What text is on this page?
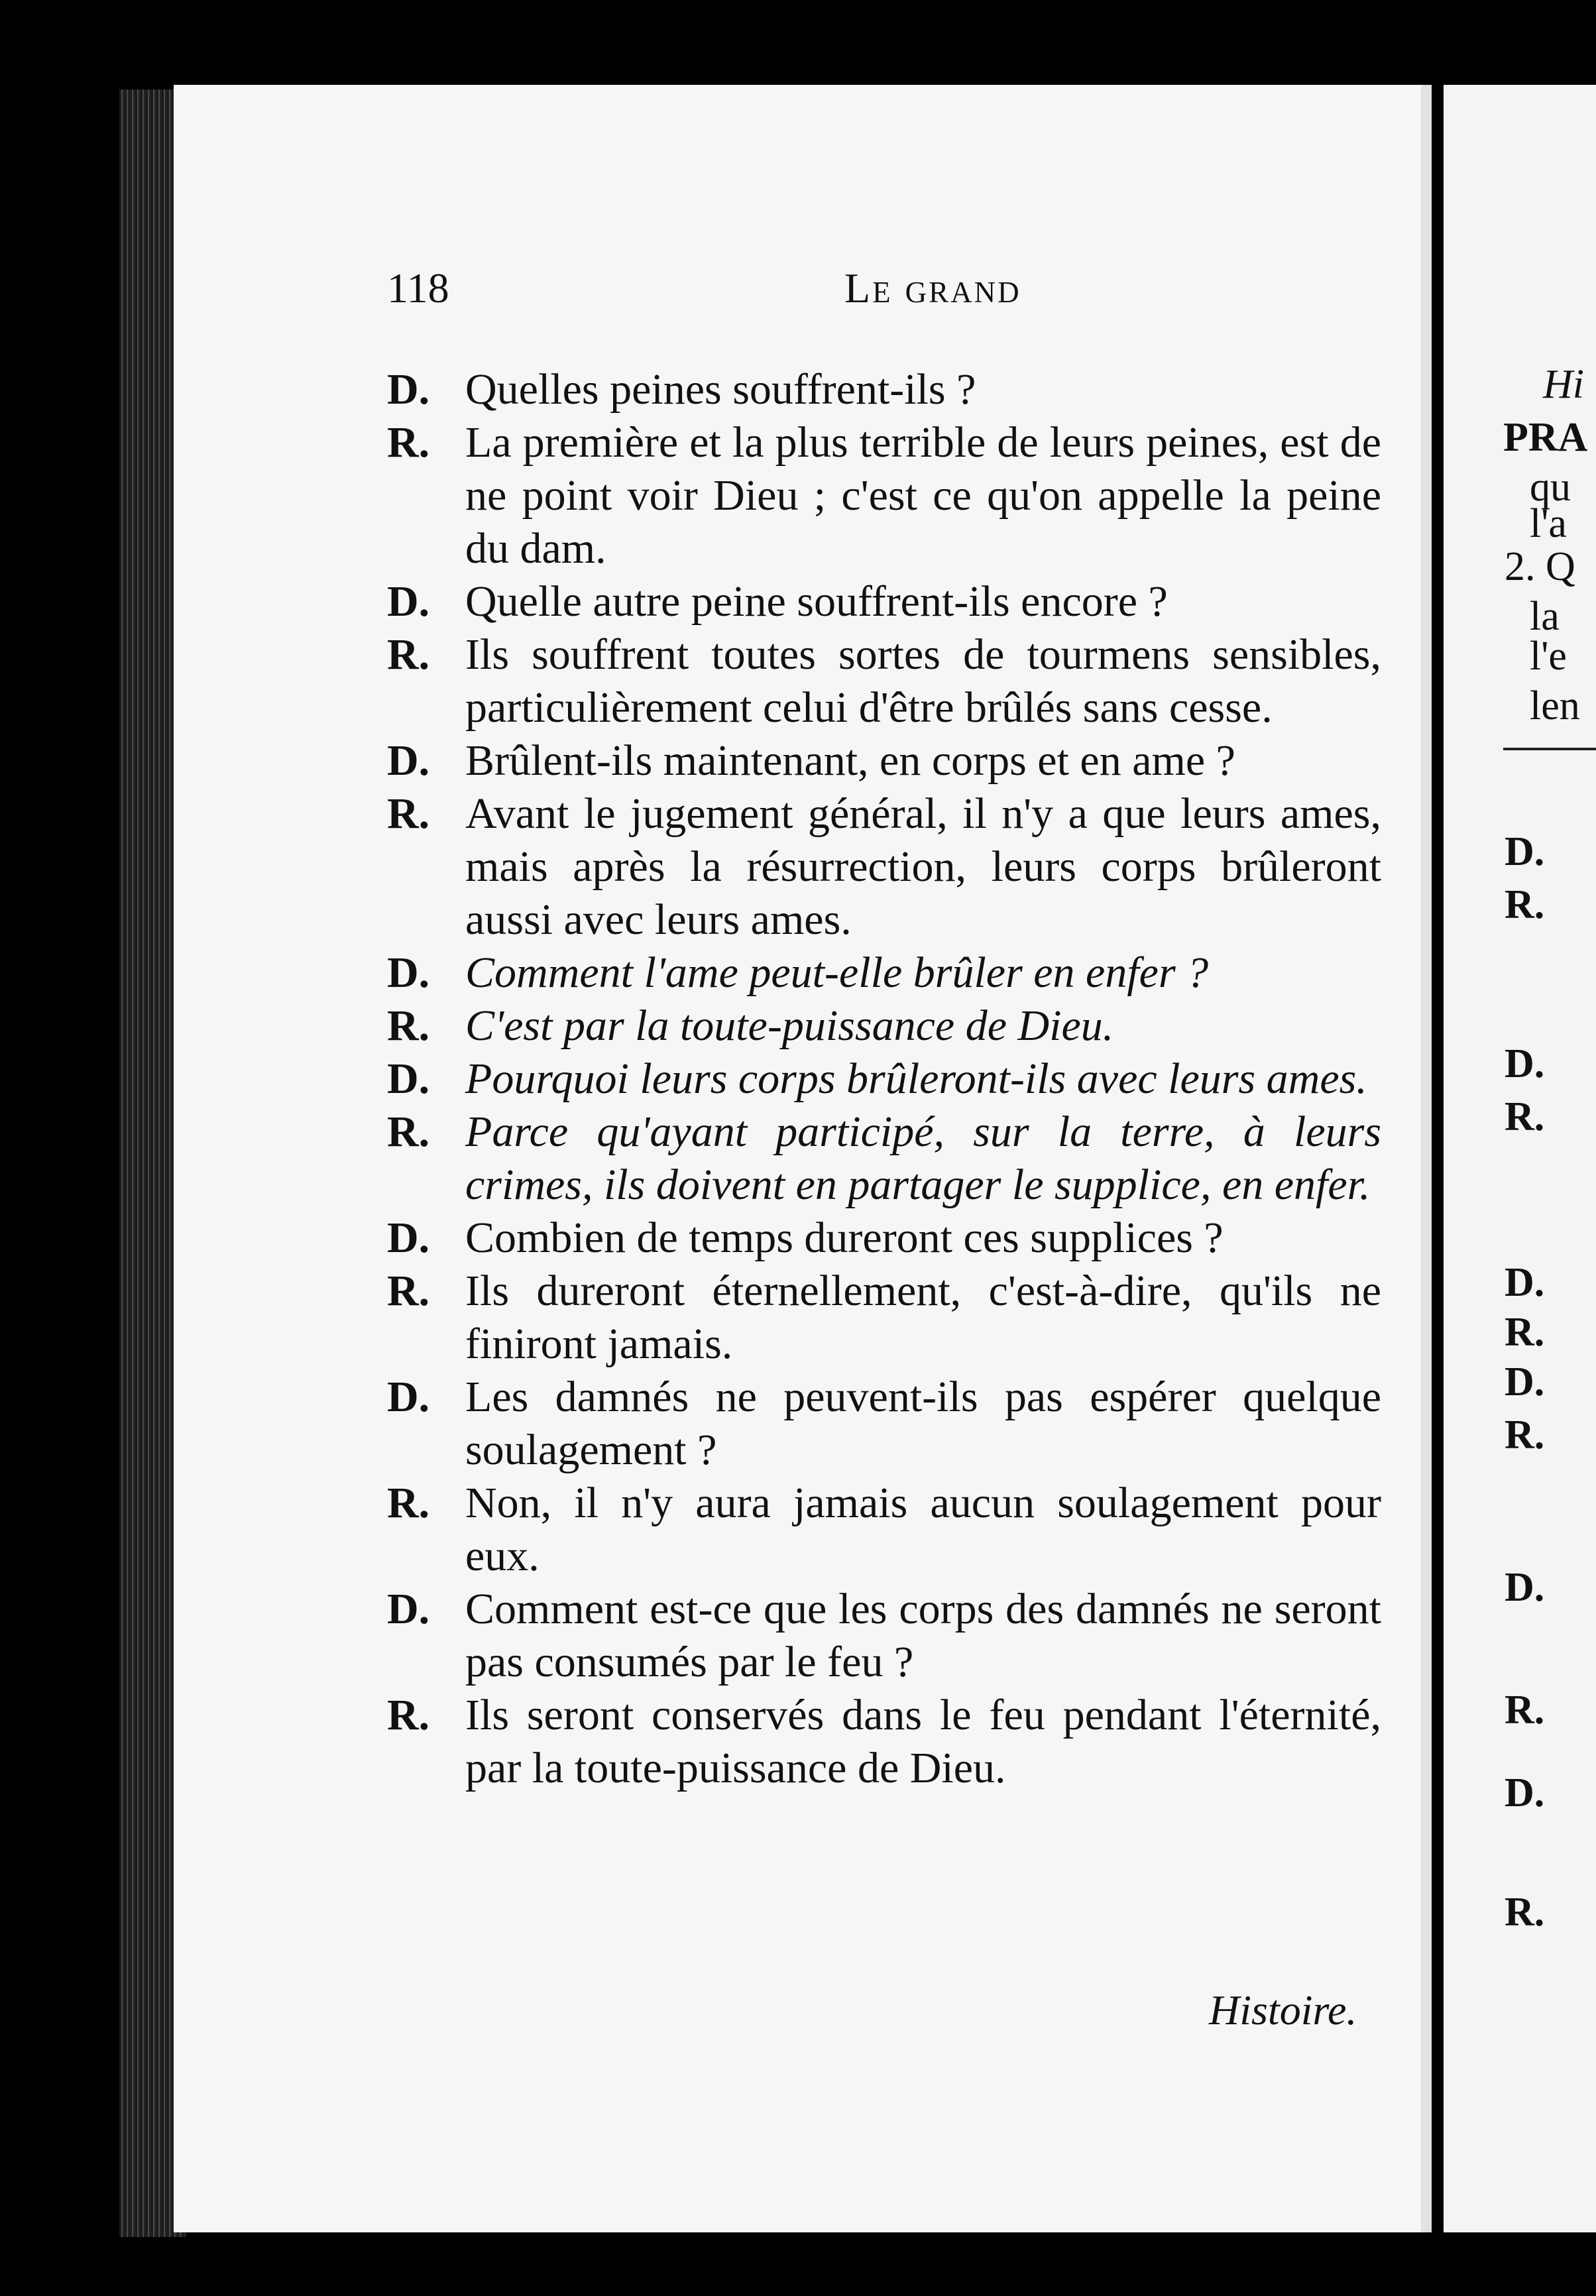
118	Le grand
D. Quelles peines souffrent-ils ?
R. La première et la plus terrible de leurs peines, est de ne point voir Dieu ; c'est ce qu'on appelle la peine du dam.
D. Quelle autre peine souffrent-ils encore ?
R. Ils souffrent toutes sortes de tourmens sensibles, particulièrement celui d'être brûlés sans cesse.
D. Brûlent-ils maintenant, en corps et en ame ?
R. Avant le jugement général, il n'y a que leurs ames, mais après la résurrection, leurs corps brûleront aussi avec leurs ames.
D. Comment l'ame peut-elle brûler en enfer ?
R. C'est par la toute-puissance de Dieu.
D. Pourquoi leurs corps brûleront-ils avec leurs ames.
R. Parce qu'ayant participé, sur la terre, à leurs crimes, ils doivent en partager le supplice, en enfer.
D. Combien de temps dureront ces supplices ?
R. Ils dureront éternellement, c'est-à-dire, qu'ils ne finiront jamais.
D. Les damnés ne peuvent-ils pas espérer quelque soulagement ?
R. Non, il n'y aura jamais aucun soulagement pour eux.
D. Comment est-ce que les corps des damnés ne seront pas consumés par le feu ?
R. Ils seront conservés dans le feu pendant l'éternité, par la toute-puissance de Dieu.
Histoire.
Hi
PRA
qu
l'a
2. Q
la
l'e
len
D.
R.
D.
R.
D.
R.
D.
R.
D.
R.
D.
R.
